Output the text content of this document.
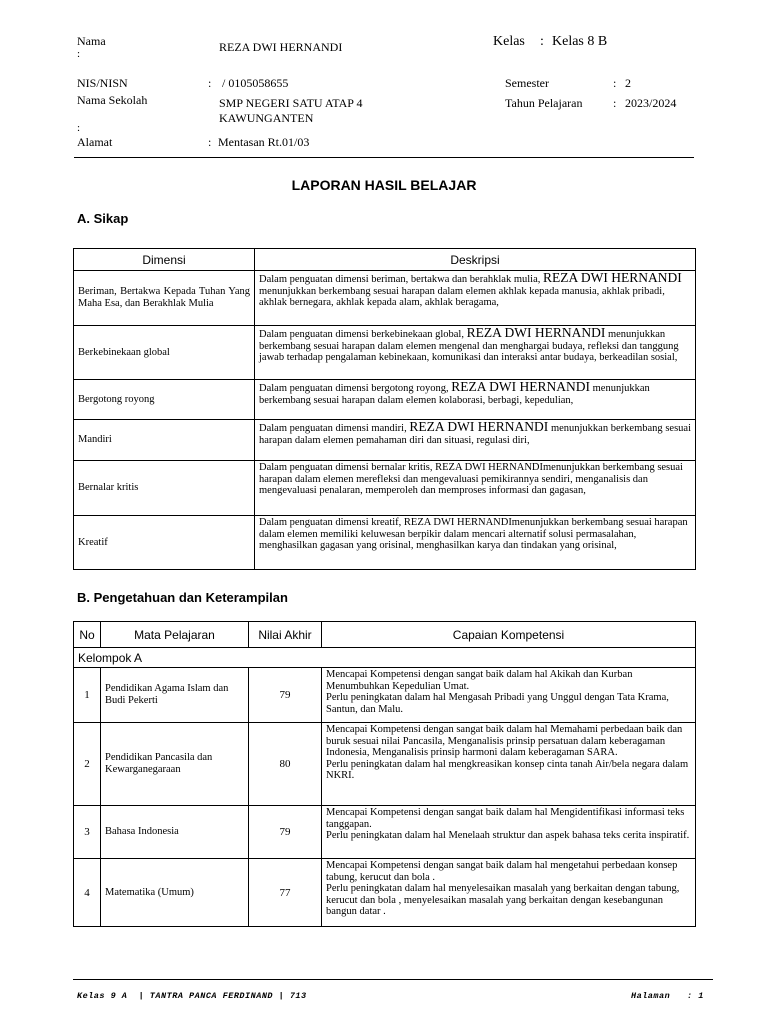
Nama
:	REZA DWI HERNANDI	Kelas : Kelas 8 B
NIS/NISN	: / 0105058655	Semester	: 2
Nama Sekolah
:
SMP NEGERI SATU ATAP 4
KAWUNGANTEN
Tahun Pelajaran	: 2023/2024
Alamat	: Mentasan Rt.01/03
LAPORAN HASIL BELAJAR
A. Sikap
Dimensi	Deskripsi
Beriman, Bertakwa Kepada Tuhan Yang Maha Esa, dan Berakhlak Mulia	Dalam penguatan dimensi beriman, bertakwa dan berahklak mulia, REZA DWI HERNANDI menunjukkan berkembang sesuai harapan dalam elemen akhlak kepada manusia, akhlak pribadi, akhlak bernegara, akhlak kepada alam, akhlak beragama,
Berkebinekaan global	Dalam penguatan dimensi berkebinekaan global, REZA DWI HERNANDI menunjukkan berkembang sesuai harapan dalam elemen mengenal dan menghargai budaya, refleksi dan tanggung jawab terhadap pengalaman kebinekaan, komunikasi dan interaksi antar budaya, berkeadilan sosial,
Bergotong royong	Dalam penguatan dimensi bergotong royong, REZA DWI HERNANDI menunjukkan berkembang sesuai harapan dalam elemen kolaborasi, berbagi, kepedulian,
Mandiri	Dalam penguatan dimensi mandiri, REZA DWI HERNANDI menunjukkan berkembang sesuai harapan dalam elemen pemahaman diri dan situasi, regulasi diri,
Bernalar kritis	Dalam penguatan dimensi bernalar kritis, REZA DWI HERNANDImenunjukkan berkembang sesuai harapan dalam elemen merefleksi dan mengevaluasi pemikirannya sendiri, menganalisis dan mengevaluasi penalaran, memperoleh dan memproses informasi dan gagasan,
Kreatif	Dalam penguatan dimensi kreatif, REZA DWI HERNANDImenunjukkan berkembang sesuai harapan dalam elemen memiliki keluwesan berpikir dalam mencari alternatif solusi permasalahan, menghasilkan gagasan yang orisinal, menghasilkan karya dan tindakan yang orisinal,
B. Pengetahuan dan Keterampilan
No	Mata Pelajaran	Nilai Akhir	Capaian Kompetensi
Kelompok A			
1	Pendidikan Agama Islam dan Budi Pekerti	79	Mencapai Kompetensi dengan sangat baik dalam hal Akikah dan Kurban Menumbuhkan Kepedulian Umat.
Perlu peningkatan dalam hal Mengasah Pribadi yang Unggul dengan Tata Krama, Santun, dan Malu.
2	Pendidikan Pancasila dan Kewarganegaraan	80	Mencapai Kompetensi dengan sangat baik dalam hal Memahami perbedaan baik dan buruk sesuai nilai Pancasila, Menganalisis prinsip persatuan dalam keberagaman Indonesia, Menganalisis prinsip harmoni dalam keberagaman SARA.
Perlu peningkatan dalam hal mengkreasikan konsep cinta tanah Air/bela negara dalam NKRI.
3	Bahasa Indonesia	79	Mencapai Kompetensi dengan sangat baik dalam hal Mengidentifikasi informasi teks tanggapan.
Perlu peningkatan dalam hal Menelaah struktur dan aspek bahasa teks cerita inspiratif.
4	Matematika (Umum)	77	Mencapai Kompetensi dengan sangat baik dalam hal mengetahui perbedaan konsep tabung, kerucut dan bola .
Perlu peningkatan dalam hal menyelesaikan masalah yang berkaitan dengan tabung, kerucut dan bola , menyelesaikan masalah yang berkaitan dengan kesebangunan bangun datar .
Kelas 9 A  | TANTRA PANCA FERDINAND | 713	Halaman   : 1
